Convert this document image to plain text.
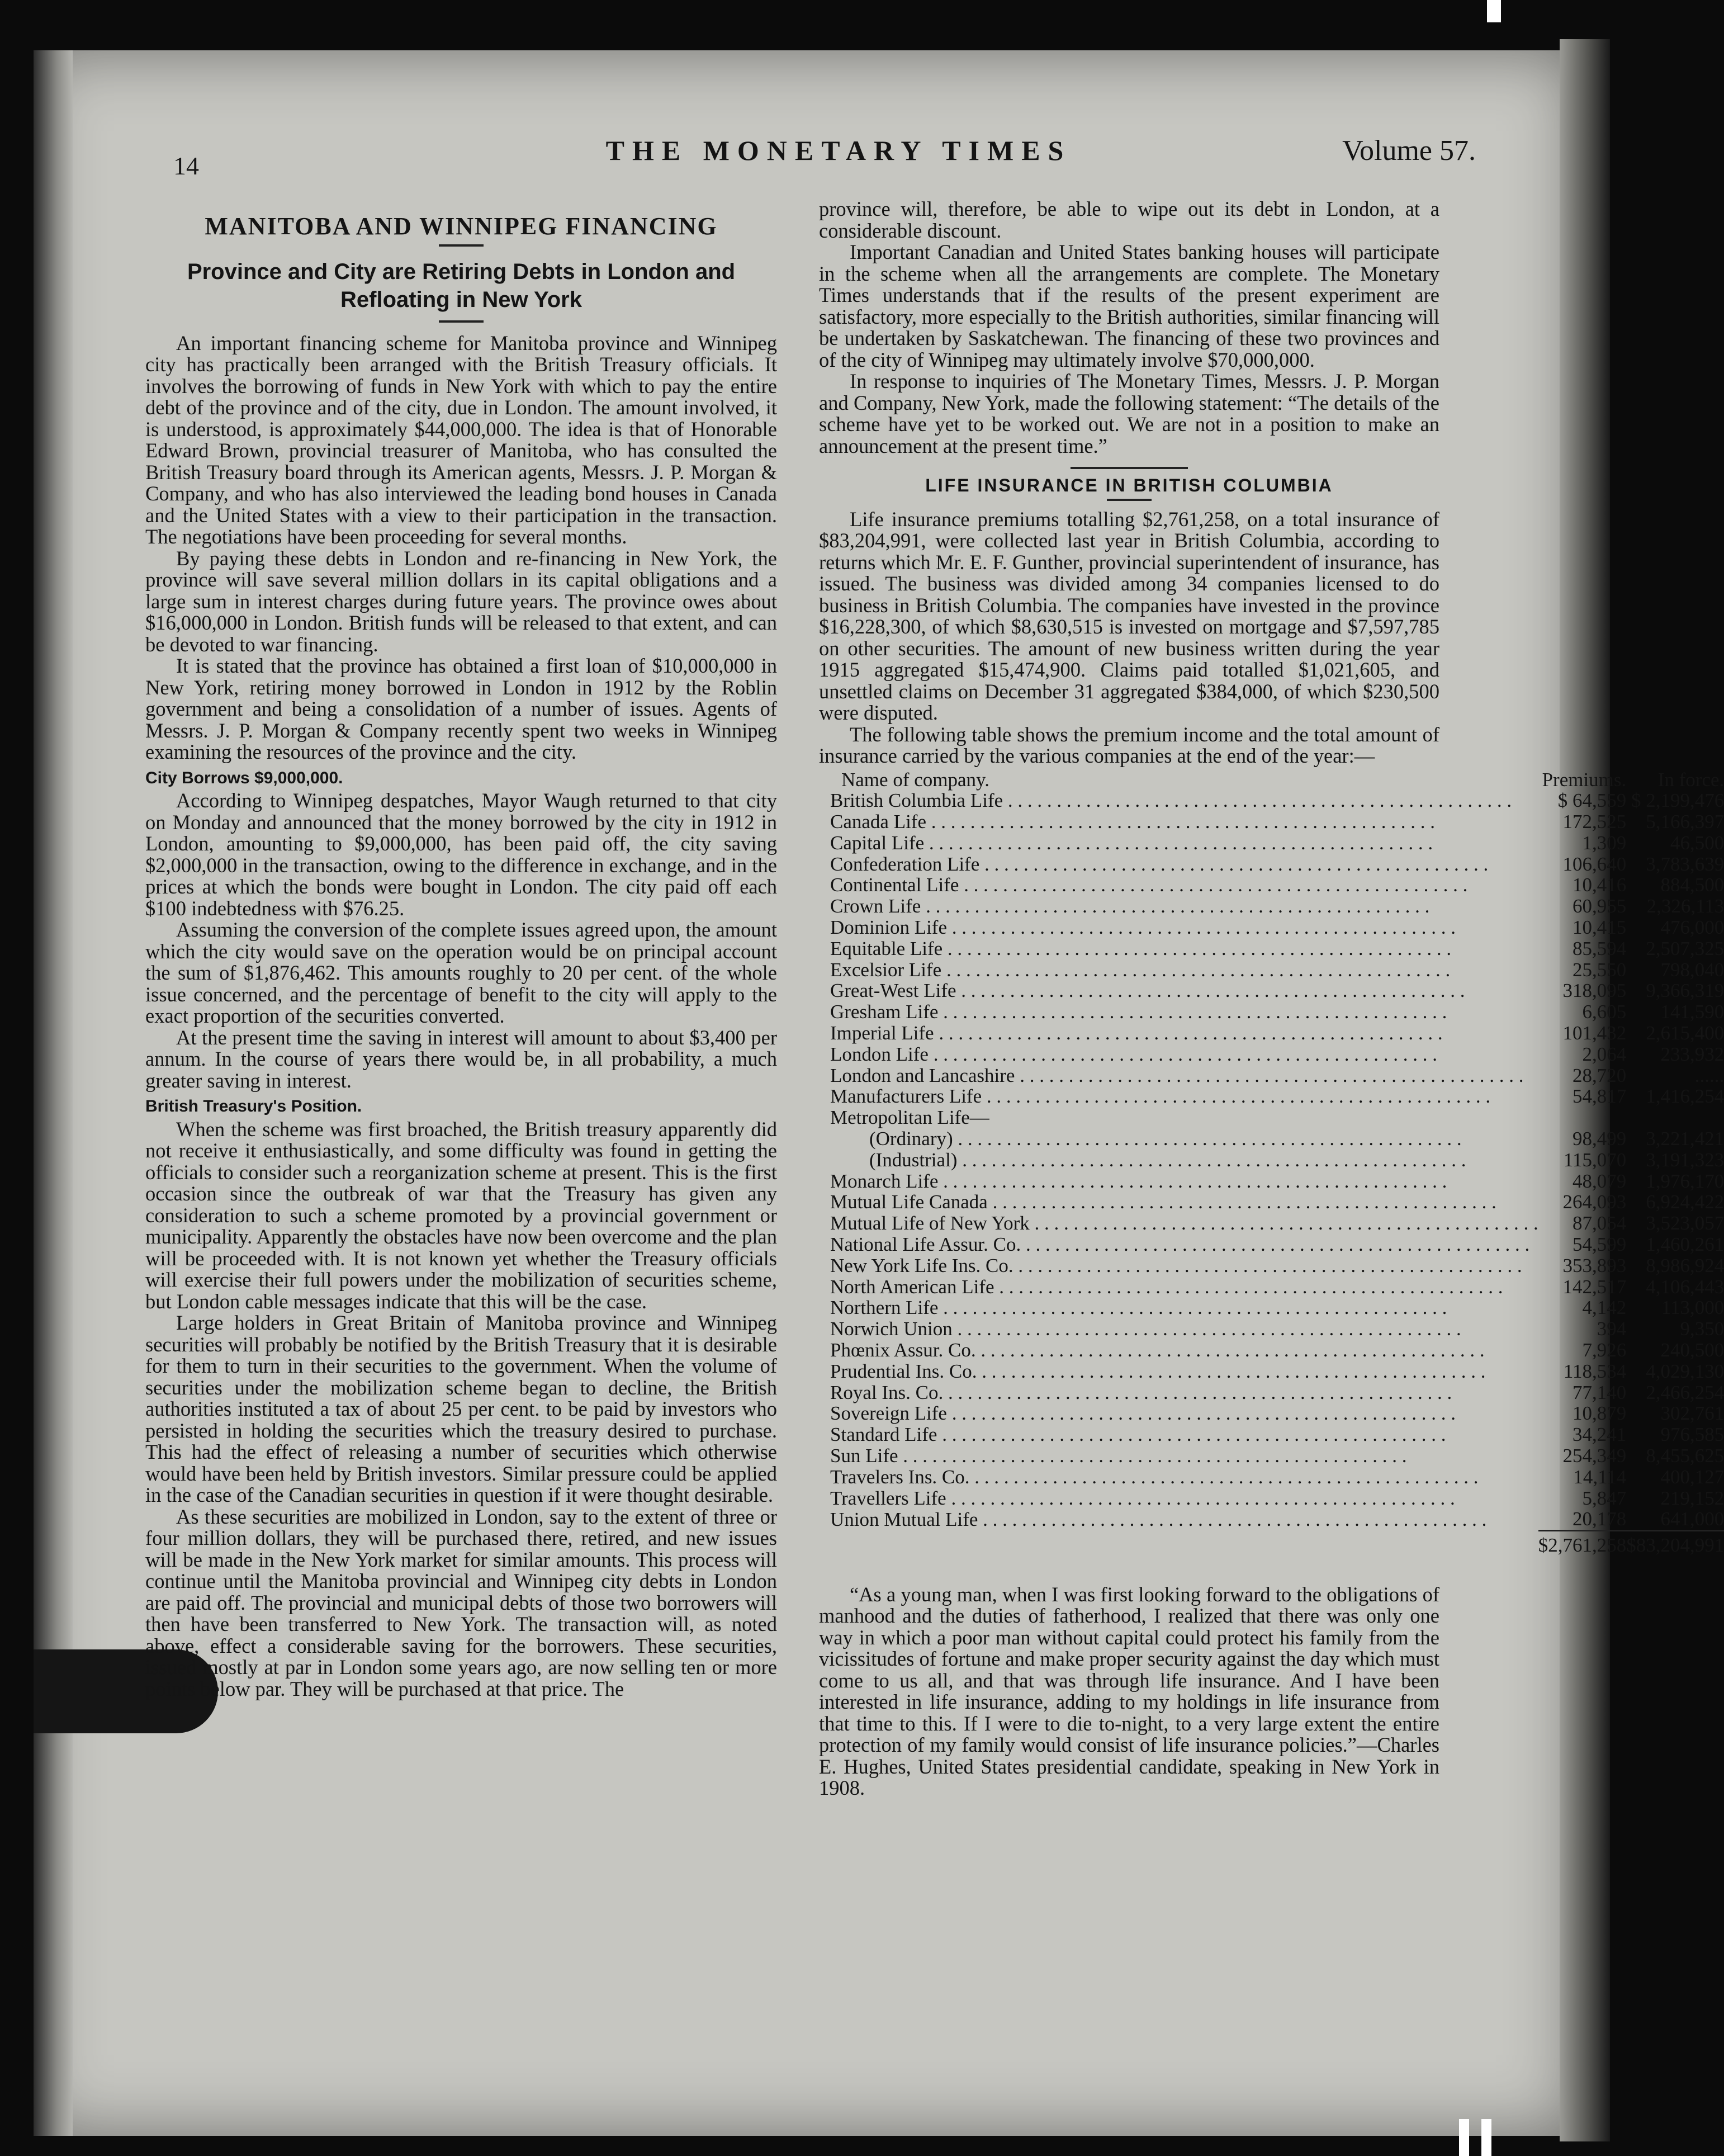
14	THE MONETARY TIMES	Volume 57.
MANITOBA AND WINNIPEG FINANCING
Province and City are Retiring Debts in London and Refloating in New York

An important financing scheme for Manitoba province and Winnipeg city has practically been arranged with the British Treasury officials. It involves the borrowing of funds in New York with which to pay the entire debt of the province and of the city, due in London. The amount involved, it is understood, is approximately $44,000,000. The idea is that of Honorable Edward Brown, provincial treasurer of Manitoba, who has consulted the British Treasury board through its American agents, Messrs. J. P. Morgan & Company, and who has also interviewed the leading bond houses in Canada and the United States with a view to their participation in the transaction. The negotiations have been proceeding for several months.

By paying these debts in London and re-financing in New York, the province will save several million dollars in its capital obligations and a large sum in interest charges during future years. The province owes about $16,000,000 in London. British funds will be released to that extent, and can be devoted to war financing.

It is stated that the province has obtained a first loan of $10,000,000 in New York, retiring money borrowed in London in 1912 by the Roblin government and being a consolidation of a number of issues. Agents of Messrs. J. P. Morgan & Company recently spent two weeks in Winnipeg examining the resources of the province and the city.

City Borrows $9,000,000.

According to Winnipeg despatches, Mayor Waugh returned to that city on Monday and announced that the money borrowed by the city in 1912 in London, amounting to $9,000,000, has been paid off, the city saving $2,000,000 in the transaction, owing to the difference in exchange, and in the prices at which the bonds were bought in London. The city paid off each $100 indebtedness with $76.25.

Assuming the conversion of the complete issues agreed upon, the amount which the city would save on the operation would be on principal account the sum of $1,876,462. This amounts roughly to 20 per cent. of the whole issue concerned, and the percentage of benefit to the city will apply to the exact proportion of the securities converted.

At the present time the saving in interest will amount to about $3,400 per annum. In the course of years there would be, in all probability, a much greater saving in interest.

British Treasury's Position.

When the scheme was first broached, the British treasury apparently did not receive it enthusiastically, and some difficulty was found in getting the officials to consider such a reorganization scheme at present. This is the first occasion since the outbreak of war that the Treasury has given any consideration to such a scheme promoted by a provincial government or municipality. Apparently the obstacles have now been overcome and the plan will be proceeded with. It is not known yet whether the Treasury officials will exercise their full powers under the mobilization of securities scheme, but London cable messages indicate that this will be the case.

Large holders in Great Britain of Manitoba province and Winnipeg securities will probably be notified by the British Treasury that it is desirable for them to turn in their securities to the government. When the volume of securities under the mobilization scheme began to decline, the British authorities instituted a tax of about 25 per cent. to be paid by investors who persisted in holding the securities which the treasury desired to purchase. This had the effect of releasing a number of securities which otherwise would have been held by British investors. Similar pressure could be applied in the case of the Canadian securities in question if it were thought desirable.

As these securities are mobilized in London, say to the extent of three or four million dollars, they will be purchased there, retired, and new issues will be made in the New York market for similar amounts. This process will continue until the Manitoba provincial and Winnipeg city debts in London are paid off. The provincial and municipal debts of those two borrowers will then have been transferred to New York. The transaction will, as noted above, effect a considerable saving for the borrowers. These securities, issued mostly at par in London some years ago, are now selling ten or more points below par. They will be purchased at that price. The

province will, therefore, be able to wipe out its debt in London, at a considerable discount.

Important Canadian and United States banking houses will participate in the scheme when all the arrangements are complete. The Monetary Times understands that if the results of the present experiment are satisfactory, more especially to the British authorities, similar financing will be undertaken by Saskatchewan. The financing of these two provinces and of the city of Winnipeg may ultimately involve $70,000,000.

In response to inquiries of The Monetary Times, Messrs. J. P. Morgan and Company, New York, made the following statement: “The details of the scheme have yet to be worked out. We are not in a position to make an announcement at the present time.”

LIFE INSURANCE IN BRITISH COLUMBIA

Life insurance premiums totalling $2,761,258, on a total insurance of $83,204,991, were collected last year in British Columbia, according to returns which Mr. E. F. Gunther, provincial superintendent of insurance, has issued. The business was divided among 34 companies licensed to do business in British Columbia. The companies have invested in the province $16,228,300, of which $8,630,515 is invested on mortgage and $7,597,785 on other securities. The amount of new business written during the year 1915 aggregated $15,474,900. Claims paid totalled $1,021,605, and unsettled claims on December 31 aggregated $384,000, of which $230,500 were disputed.

The following table shows the premium income and the total amount of insurance carried by the various companies at the end of the year:—

Name of company.	Premiums.	In force.
British Columbia Life . . .	$ 64,559	$ 2,199,476
Canada Life . . .	172,525	5,166,397
Capital Life . . .	1,309	46,500
Confederation Life . . .	106,640	3,783,639
Continental Life . . .	10,416	884,500
Crown Life . . .	60,955	2,326,113
Dominion Life . . .	10,415	476,000
Equitable Life . . .	85,594	2,507,325
Excelsior Life . . .	25,550	798,040
Great-West Life . . .	318,095	9,366,319
Gresham Life . . .	6,605	141,590
Imperial Life . . .	101,432	2,615,400
London Life . . .	2,064	233,932
London and Lancashire . . .	28,720	......
Manufacturers Life . . .	54,817	1,416,254
Metropolitan Life—		
(Ordinary) . . .	98,499	3,221,421
(Industrial) . . .	115,070	3,191,323
Monarch Life . . .	48,079	1,976,170
Mutual Life Canada . . .	264,093	6,924,422
Mutual Life of New York . . .	87,054	3,523,057
National Life Assur. Co. . . .	54,599	1,460,261
New York Life Ins. Co. . . .	353,893	8,986,924
North American Life . . .	142,517	4,106,443
Northern Life . . .	4,142	113,000
Norwich Union . . .	394	9,350
Phœnix Assur. Co. . . .	7,926	240,500
Prudential Ins. Co. . . .	118,534	4,029,130
Royal Ins. Co. . . .	77,140	2,466,254
Sovereign Life . . .	10,879	302,761
Standard Life . . .	34,241	976,585
Sun Life . . .	254,349	8,455,625
Travelers Ins. Co. . . .	14,114	400,127
Travellers Life . . .	5,847	219,152
Union Mutual Life . . .	20,178	641,000
	$2,761,258	$83,204,991

“As a young man, when I was first looking forward to the obligations of manhood and the duties of fatherhood, I realized that there was only one way in which a poor man without capital could protect his family from the vicissitudes of fortune and make proper security against the day which must come to us all, and that was through life insurance. And I have been interested in life insurance, adding to my holdings in life insurance from that time to this. If I were to die to-night, to a very large extent the entire protection of my family would consist of life insurance policies.”—Charles E. Hughes, United States presidential candidate, speaking in New York in 1908.
